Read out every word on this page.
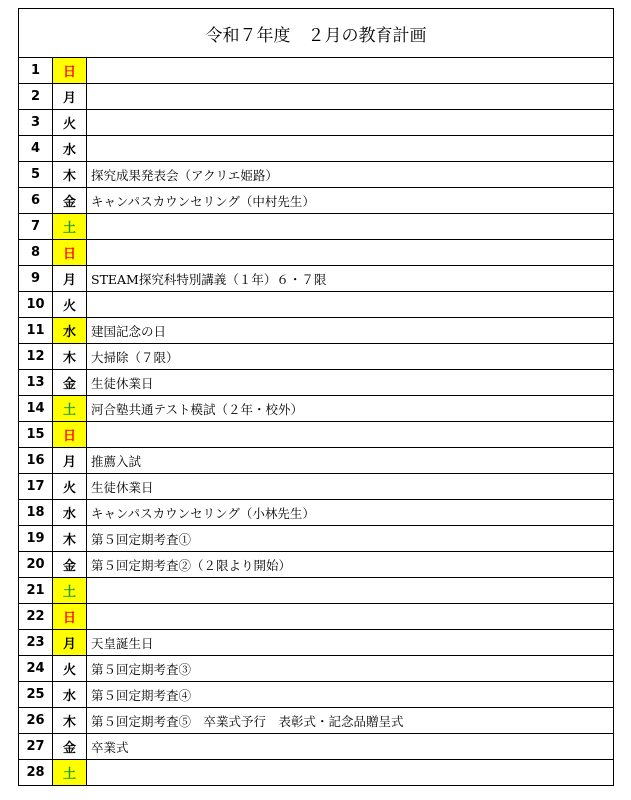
令和７年度　２月の教育計画		
1	日	
2	月	
3	火	
4	水	
5	木	探究成果発表会（アクリエ姫路）
6	金	キャンパスカウンセリング（中村先生）
7	土	
8	日	
9	月	STEAM探究科特別講義（１年）６・７限
10	火	
11	水	建国記念の日
12	木	大掃除（７限）
13	金	生徒休業日
14	土	河合塾共通テスト模試（２年・校外）
15	日	
16	月	推薦入試
17	火	生徒休業日
18	水	キャンパスカウンセリング（小林先生）
19	木	第５回定期考査①
20	金	第５回定期考査②（２限より開始）
21	土	
22	日	
23	月	天皇誕生日
24	火	第５回定期考査③
25	水	第５回定期考査④
26	木	第５回定期考査⑤　卒業式予行　表彰式・記念品贈呈式
27	金	卒業式
28	土	
